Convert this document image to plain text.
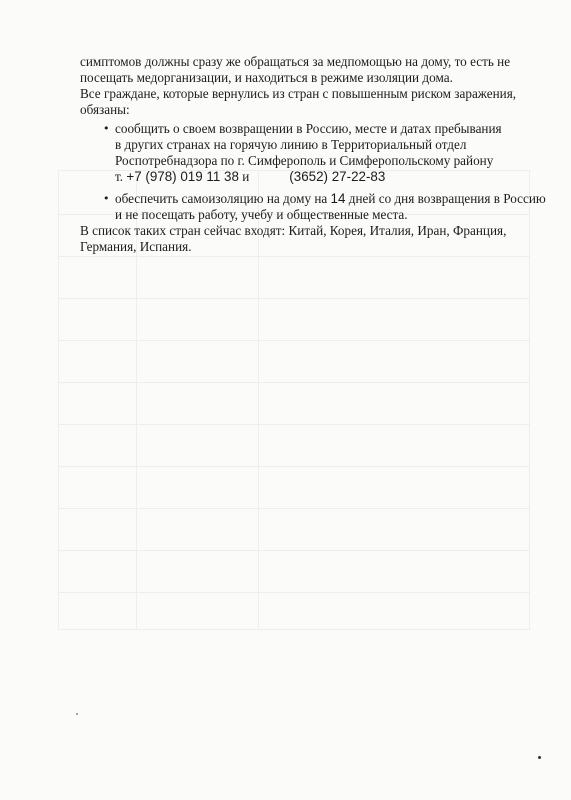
симптомов должны сразу же обращаться за медпомощью на дому, то есть не посещать медорганизации, и находиться в режиме изоляции дома.

Все граждане, которые вернулись из стран с повышенным риском заражения, обязаны:

• сообщить о своем возвращении в Россию, месте и датах пребывания
в других странах на горячую линию в Территориальный отдел
Роспотребнадзора по г. Симферополь и Симферопольскому району
т. +7 (978) 019 11 38 и	(3652) 27-22-83
• обеспечить самоизоляцию на дому на 14 дней со дня возвращения в Россию и не посещать работу, учебу и общественные места.

В список таких стран сейчас входят: Китай, Корея, Италия, Иран, Франция, Германия, Испания.
